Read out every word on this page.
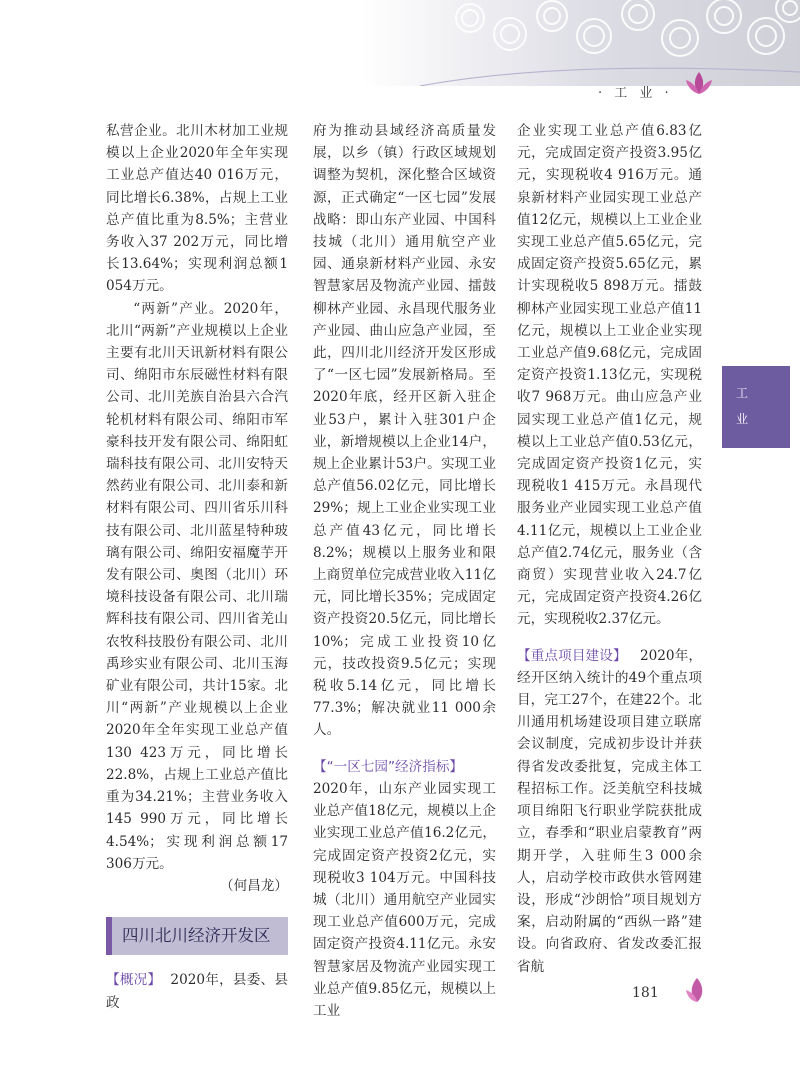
· 工 业 ·

私营企业。北川木材加工业规模以上企业2020年全年实现工业总产值达40 016万元，同比增长6.38%，占规上工业总产值比重为8.5%；主营业务收入37 202万元，同比增长13.64%；实现利润总额1 054万元。

“两新”产业。2020年，北川“两新”产业规模以上企业主要有北川天讯新材料有限公司、绵阳市东辰磁性材料有限公司、北川羌族自治县六合汽轮机材料有限公司、绵阳市军豪科技开发有限公司、绵阳虹瑞科技有限公司、北川安特天然药业有限公司、北川泰和新材料有限公司、四川省乐川科技有限公司、北川蓝星特种玻璃有限公司、绵阳安福魔芋开发有限公司、奥图（北川）环境科技设备有限公司、北川瑞辉科技有限公司、四川省羌山农牧科技股份有限公司、北川禹珍实业有限公司、北川玉海矿业有限公司，共计15家。北川“两新”产业规模以上企业2020年全年实现工业总产值130 423万元，同比增长22.8%，占规上工业总产值比重为34.21%；主营业务收入145 990万元，同比增长4.54%；实现利润总额17 306万元。

（何昌龙）

四川北川经济开发区

【概况】 2020年，县委、县政

府为推动县域经济高质量发展，以乡（镇）行政区域规划调整为契机，深化整合区域资源，正式确定“一区七园”发展战略：即山东产业园、中国科技城（北川）通用航空产业园、通泉新材料产业园、永安智慧家居及物流产业园、擂鼓柳林产业园、永昌现代服务业产业园、曲山应急产业园，至此，四川北川经济开发区形成了“一区七园”发展新格局。至2020年底，经开区新入驻企业53户，累计入驻301户企业，新增规模以上企业14户，规上企业累计53户。实现工业总产值56.02亿元，同比增长29%；规上工业企业实现工业总产值43亿元，同比增长8.2%；规模以上服务业和限上商贸单位完成营业收入11亿元，同比增长35%；完成固定资产投资20.5亿元，同比增长10%；完成工业投资10亿元，技改投资9.5亿元；实现税收5.14亿元，同比增长77.3%；解决就业11 000余人。

【“一区七园”经济指标】

2020年，山东产业园实现工业总产值18亿元，规模以上企业实现工业总产值16.2亿元，完成固定资产投资2亿元，实现税收3 104万元。中国科技城（北川）通用航空产业园实现工业总产值600万元，完成固定资产投资4.11亿元。永安智慧家居及物流产业园实现工业总产值9.85亿元，规模以上工业

企业实现工业总产值6.83亿元，完成固定资产投资3.95亿元，实现税收4 916万元。通泉新材料产业园实现工业总产值12亿元，规模以上工业企业实现工业总产值5.65亿元，完成固定资产投资5.65亿元，累计实现税收5 898万元。擂鼓柳林产业园实现工业总产值11亿元，规模以上工业企业实现工业总产值9.68亿元，完成固定资产投资1.13亿元，实现税收7 968万元。曲山应急产业园实现工业总产值1亿元，规模以上工业总产值0.53亿元，完成固定资产投资1亿元，实现税收1 415万元。永昌现代服务业产业园实现工业总产值4.11亿元，规模以上工业企业总产值2.74亿元，服务业（含商贸）实现营业收入24.7亿元，完成固定资产投资4.26亿元，实现税收2.37亿元。

【重点项目建设】 2020年，经开区纳入统计的49个重点项目，完工27个，在建22个。北川通用机场建设项目建立联席会议制度，完成初步设计并获得省发改委批复，完成主体工程招标工作。泛美航空科技城项目绵阳飞行职业学院获批成立，春季和“职业启蒙教育”两期开学，入驻师生3 000余人，启动学校市政供水管网建设，形成“沙朗恰”项目规划方案，启动附属的“西纵一路”建设。向省政府、省发改委汇报省航

工
业
181
